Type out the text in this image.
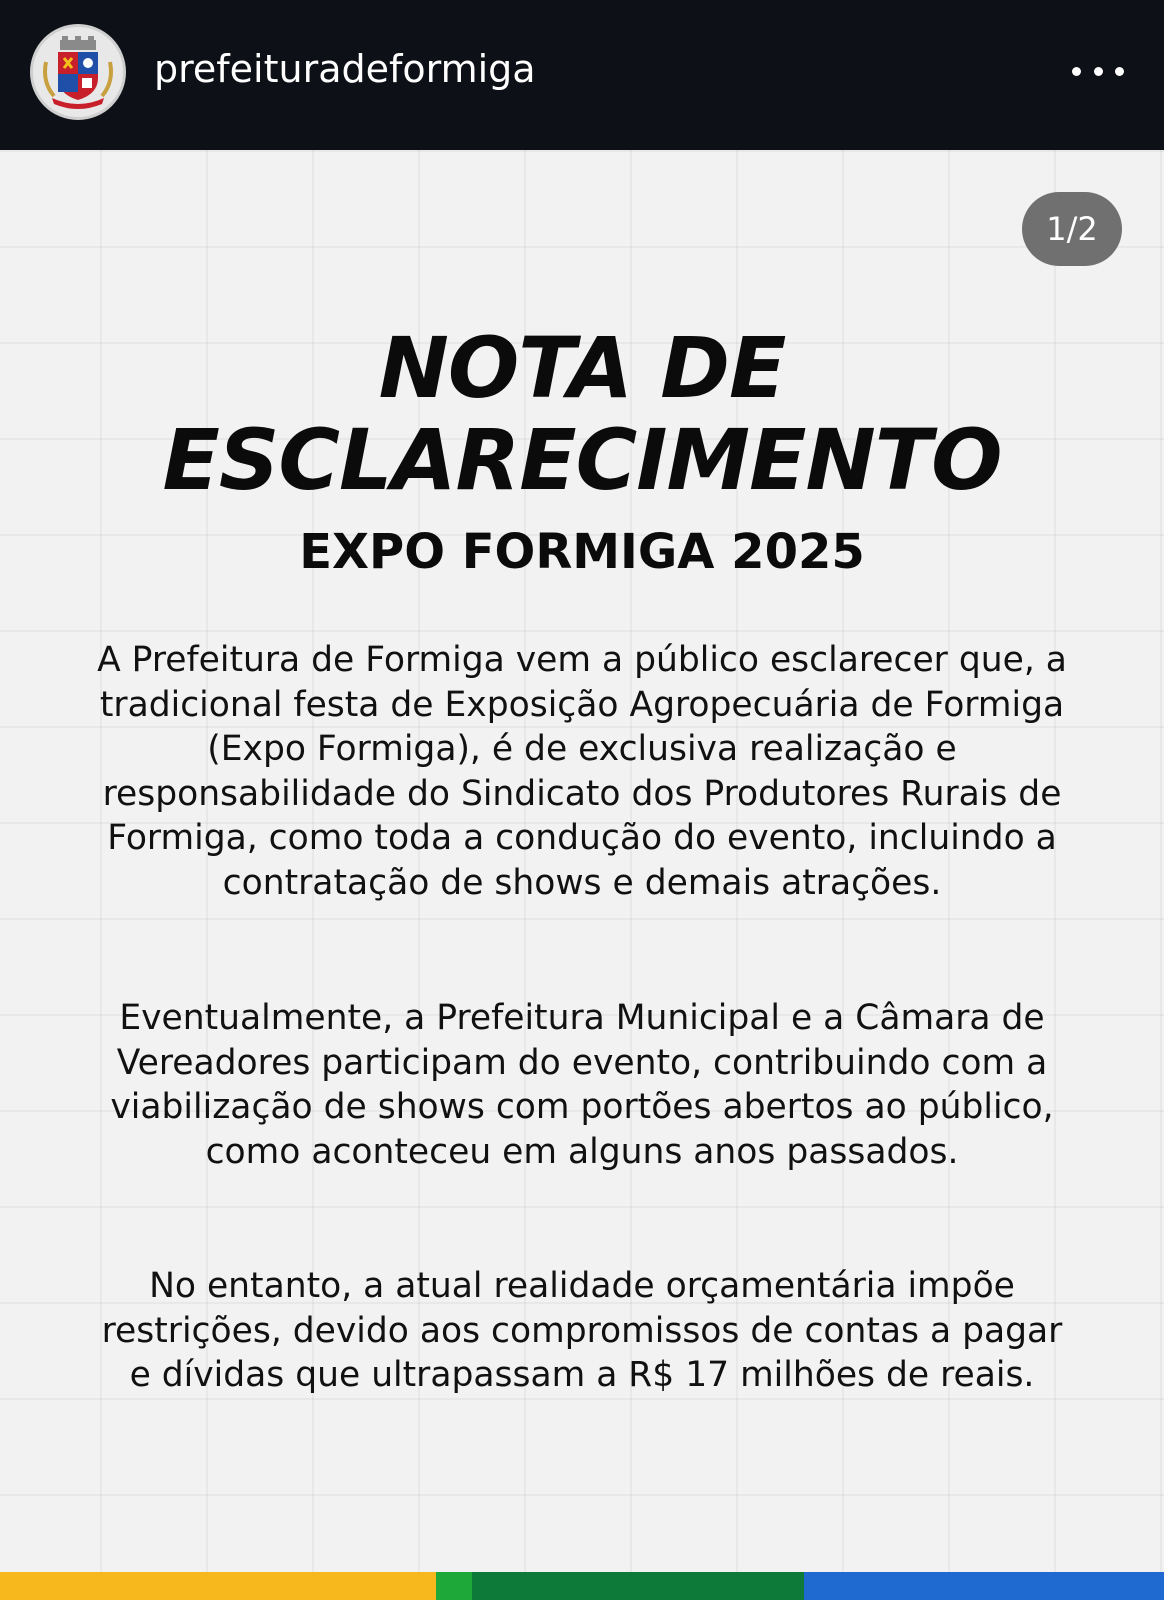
prefeituradeformiga
1/2
NOTA DE
ESCLARECIMENTO
EXPO FORMIGA 2025

A Prefeitura de Formiga vem a público esclarecer que, a tradicional festa de Exposição Agropecuária de Formiga (Expo Formiga), é de exclusiva realização e responsabilidade do Sindicato dos Produtores Rurais de Formiga, como toda a condução do evento, incluindo a contratação de shows e demais atrações.

Eventualmente, a Prefeitura Municipal e a Câmara de Vereadores participam do evento, contribuindo com a viabilização de shows com portões abertos ao público, como aconteceu em alguns anos passados.

No entanto, a atual realidade orçamentária impõe restrições, devido aos compromissos de contas a pagar e dívidas que ultrapassam a R$ 17 milhões de reais.
